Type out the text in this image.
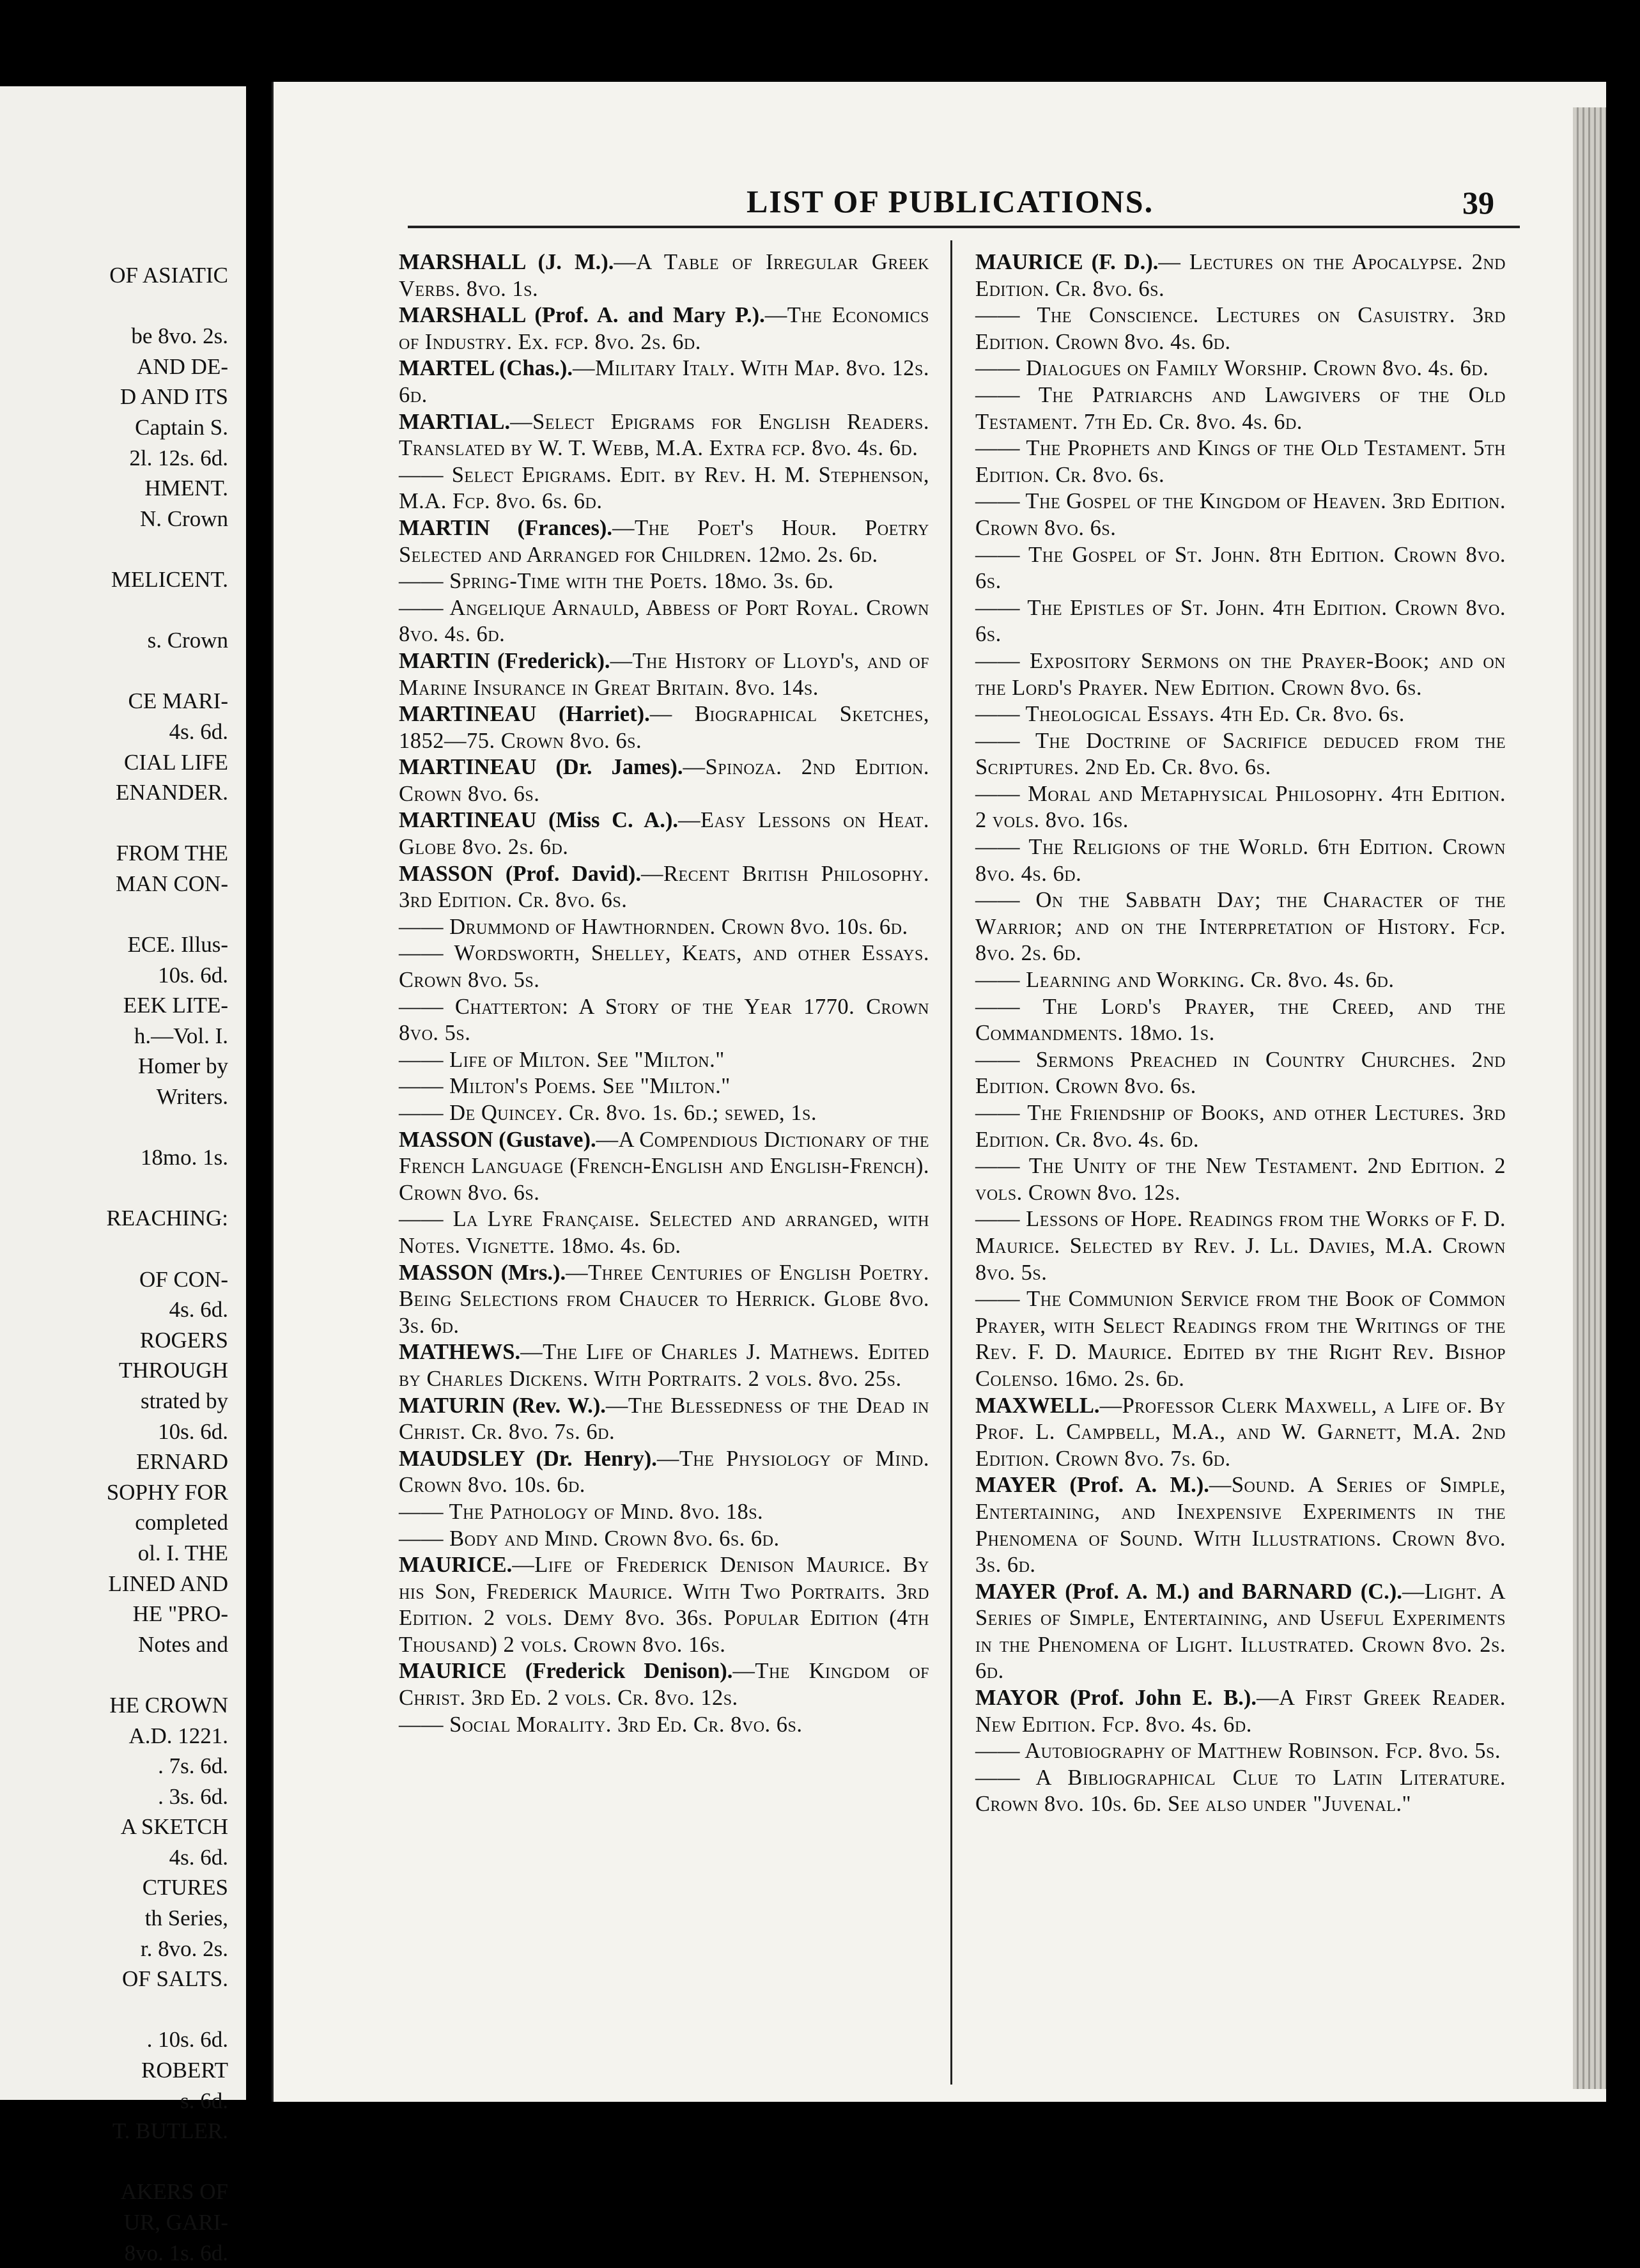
OF ASIATIC
be 8vo. 2s.
AND DE-
D AND ITS
Captain S.
2l. 12s. 6d.
HMENT.
N. Crown
MELICENT.
s. Crown
CE MARI-
4s. 6d.
CIAL LIFE
ENANDER.
FROM THE
MAN CON-
ECE. Illus-
10s. 6d.
EEK LITE-
h.—Vol. I.
Homer by
Writers.
18mo. 1s.
REACHING:
OF CON-
4s. 6d.
ROGERS
THROUGH
strated by
10s. 6d.
ERNARD
SOPHY FOR
completed
ol. I. THE
LINED AND
HE "PRO-
Notes and
HE CROWN
A.D. 1221.
. 7s. 6d.
. 3s. 6d.
A SKETCH
4s. 6d.
CTURES
th Series,
r. 8vo. 2s.
OF SALTS.
. 10s. 6d.
ROBERT
s. 6d.
T. BUTLER.
AKERS OF
UR, GARI-
8vo. 1s. 6d.
LIST OF PUBLICATIONS.	39

MARSHALL (J. M.).—A Table of Irregular Greek Verbs. 8vo. 1s.

MARSHALL (Prof. A. and Mary P.).—The Economics of Industry. Ex. fcp. 8vo. 2s. 6d.

MARTEL (Chas.).—Military Italy. With Map. 8vo. 12s. 6d.

MARTIAL.—Select Epigrams for English Readers. Translated by W. T. Webb, M.A. Extra fcp. 8vo. 4s. 6d.

—— Select Epigrams. Edit. by Rev. H. M. Stephenson, M.A. Fcp. 8vo. 6s. 6d.

MARTIN (Frances).—The Poet's Hour. Poetry Selected and Arranged for Children. 12mo. 2s. 6d.

—— Spring-Time with the Poets. 18mo. 3s. 6d.

—— Angelique Arnauld, Abbess of Port Royal. Crown 8vo. 4s. 6d.

MARTIN (Frederick).—The History of Lloyd's, and of Marine Insurance in Great Britain. 8vo. 14s.

MARTINEAU (Harriet).— Biographical Sketches, 1852—75. Crown 8vo. 6s.

MARTINEAU (Dr. James).—Spinoza. 2nd Edition. Crown 8vo. 6s.

MARTINEAU (Miss C. A.).—Easy Lessons on Heat. Globe 8vo. 2s. 6d.

MASSON (Prof. David).—Recent British Philosophy. 3rd Edition. Cr. 8vo. 6s.

—— Drummond of Hawthornden. Crown 8vo. 10s. 6d.

—— Wordsworth, Shelley, Keats, and other Essays. Crown 8vo. 5s.

—— Chatterton: A Story of the Year 1770. Crown 8vo. 5s.

—— Life of Milton. See "Milton."

—— Milton's Poems. See "Milton."

—— De Quincey. Cr. 8vo. 1s. 6d.; sewed, 1s.

MASSON (Gustave).—A Compendious Dictionary of the French Language (French-English and English-French). Crown 8vo. 6s.

—— La Lyre Française. Selected and arranged, with Notes. Vignette. 18mo. 4s. 6d.

MASSON (Mrs.).—Three Centuries of English Poetry. Being Selections from Chaucer to Herrick. Globe 8vo. 3s. 6d.

MATHEWS.—The Life of Charles J. Mathews. Edited by Charles Dickens. With Portraits. 2 vols. 8vo. 25s.

MATURIN (Rev. W.).—The Blessedness of the Dead in Christ. Cr. 8vo. 7s. 6d.

MAUDSLEY (Dr. Henry).—The Physiology of Mind. Crown 8vo. 10s. 6d.

—— The Pathology of Mind. 8vo. 18s.

—— Body and Mind. Crown 8vo. 6s. 6d.

MAURICE.—Life of Frederick Denison Maurice. By his Son, Frederick Maurice. With Two Portraits. 3rd Edition. 2 vols. Demy 8vo. 36s. Popular Edition (4th Thousand) 2 vols. Crown 8vo. 16s.

MAURICE (Frederick Denison).—The Kingdom of Christ. 3rd Ed. 2 vols. Cr. 8vo. 12s.

—— Social Morality. 3rd Ed. Cr. 8vo. 6s.

MAURICE (F. D.).— Lectures on the Apocalypse. 2nd Edition. Cr. 8vo. 6s.

—— The Conscience. Lectures on Casuistry. 3rd Edition. Crown 8vo. 4s. 6d.

—— Dialogues on Family Worship. Crown 8vo. 4s. 6d.

—— The Patriarchs and Lawgivers of the Old Testament. 7th Ed. Cr. 8vo. 4s. 6d.

—— The Prophets and Kings of the Old Testament. 5th Edition. Cr. 8vo. 6s.

—— The Gospel of the Kingdom of Heaven. 3rd Edition. Crown 8vo. 6s.

—— The Gospel of St. John. 8th Edition. Crown 8vo. 6s.

—— The Epistles of St. John. 4th Edition. Crown 8vo. 6s.

—— Expository Sermons on the Prayer-Book; and on the Lord's Prayer. New Edition. Crown 8vo. 6s.

—— Theological Essays. 4th Ed. Cr. 8vo. 6s.

—— The Doctrine of Sacrifice deduced from the Scriptures. 2nd Ed. Cr. 8vo. 6s.

—— Moral and Metaphysical Philosophy. 4th Edition. 2 vols. 8vo. 16s.

—— The Religions of the World. 6th Edition. Crown 8vo. 4s. 6d.

—— On the Sabbath Day; the Character of the Warrior; and on the Interpretation of History. Fcp. 8vo. 2s. 6d.

—— Learning and Working. Cr. 8vo. 4s. 6d.

—— The Lord's Prayer, the Creed, and the Commandments. 18mo. 1s.

—— Sermons Preached in Country Churches. 2nd Edition. Crown 8vo. 6s.

—— The Friendship of Books, and other Lectures. 3rd Edition. Cr. 8vo. 4s. 6d.

—— The Unity of the New Testament. 2nd Edition. 2 vols. Crown 8vo. 12s.

—— Lessons of Hope. Readings from the Works of F. D. Maurice. Selected by Rev. J. Ll. Davies, M.A. Crown 8vo. 5s.

—— The Communion Service from the Book of Common Prayer, with Select Readings from the Writings of the Rev. F. D. Maurice. Edited by the Right Rev. Bishop Colenso. 16mo. 2s. 6d.

MAXWELL.—Professor Clerk Maxwell, a Life of. By Prof. L. Campbell, M.A., and W. Garnett, M.A. 2nd Edition. Crown 8vo. 7s. 6d.

MAYER (Prof. A. M.).—Sound. A Series of Simple, Entertaining, and Inexpensive Experiments in the Phenomena of Sound. With Illustrations. Crown 8vo. 3s. 6d.

MAYER (Prof. A. M.) and BARNARD (C.).—Light. A Series of Simple, Entertaining, and Useful Experiments in the Phenomena of Light. Illustrated. Crown 8vo. 2s. 6d.

MAYOR (Prof. John E. B.).—A First Greek Reader. New Edition. Fcp. 8vo. 4s. 6d.

—— Autobiography of Matthew Robinson. Fcp. 8vo. 5s.

—— A Bibliographical Clue to Latin Literature. Crown 8vo. 10s. 6d. See also under "Juvenal."
